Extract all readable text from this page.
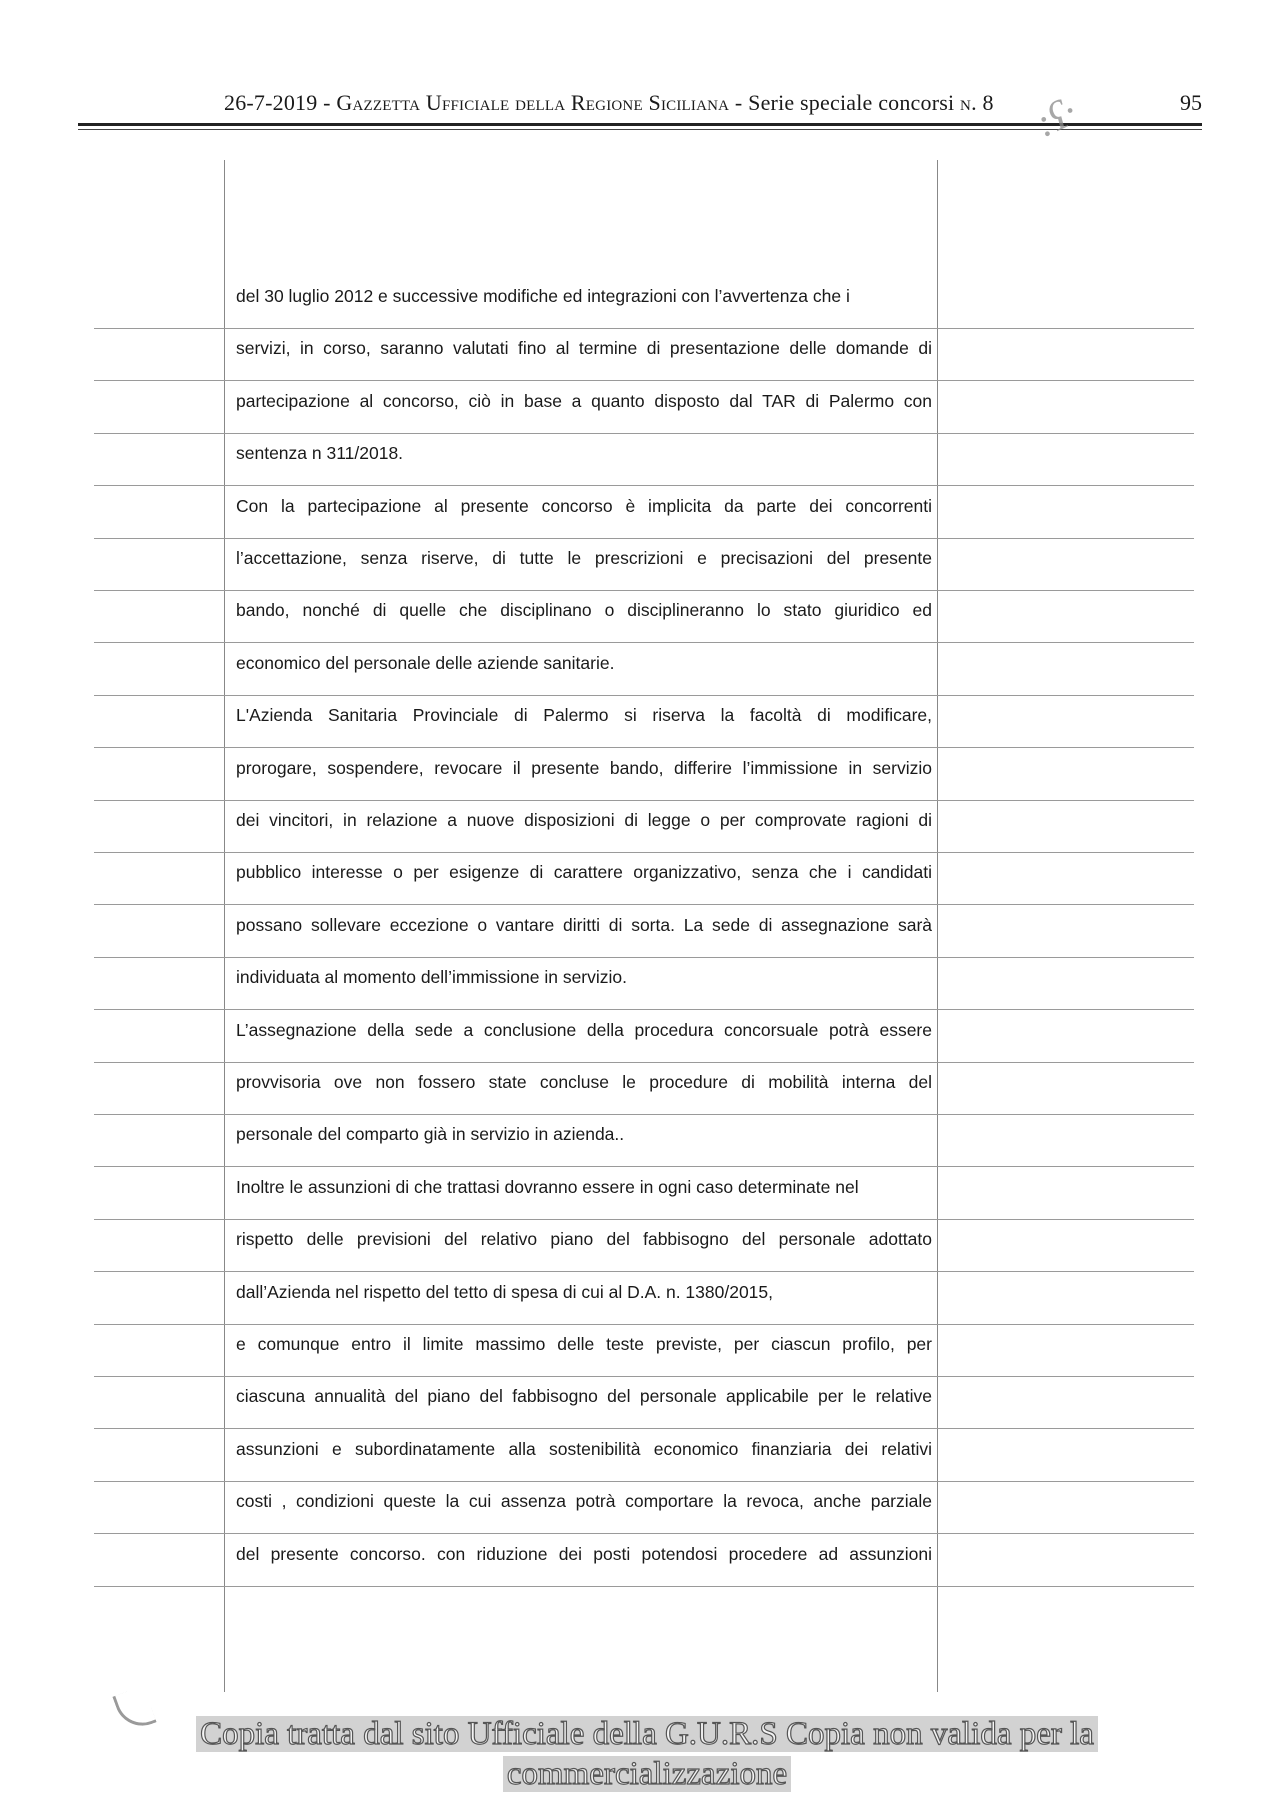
26-7-2019 - Gazzetta Ufficiale della Regione Siciliana - Serie speciale concorsi n. 8	95
:ʕ·
del 30 luglio 2012 e successive modifiche ed integrazioni con l’avvertenza che i
servizi, in corso, saranno valutati fino al termine di presentazione delle domande di
partecipazione al concorso, ciò in base a quanto disposto dal TAR di Palermo con
sentenza n 311/2018.
Con la partecipazione al presente concorso è implicita da parte dei concorrenti
l’accettazione, senza riserve, di tutte le prescrizioni e precisazioni del presente
bando, nonché di quelle che disciplinano o disciplineranno lo stato giuridico ed
economico del personale delle aziende sanitarie.
L'Azienda Sanitaria Provinciale di Palermo si riserva la facoltà di modificare,
prorogare, sospendere, revocare il presente bando, differire l’immissione in servizio
dei vincitori, in relazione a nuove disposizioni di legge o per comprovate ragioni di
pubblico interesse o per esigenze di carattere organizzativo, senza che i candidati
possano sollevare eccezione o vantare diritti di sorta. La sede di assegnazione sarà
individuata al momento dell’immissione in servizio.
L’assegnazione della sede a conclusione della procedura concorsuale potrà essere
provvisoria ove non fossero state concluse le procedure di mobilità interna del
personale del comparto già in servizio in azienda..
Inoltre le assunzioni di che trattasi dovranno essere in ogni caso determinate nel
rispetto delle previsioni del relativo piano del fabbisogno del personale adottato
dall’Azienda nel rispetto del tetto di spesa di cui al D.A. n. 1380/2015,
e comunque entro il limite massimo delle teste previste, per ciascun profilo, per
ciascuna annualità del piano del fabbisogno del personale applicabile per le relative
assunzioni e subordinatamente alla sostenibilità economico finanziaria dei relativi
costi , condizioni queste la cui assenza potrà comportare la revoca, anche parziale
del presente concorso. con riduzione dei posti potendosi procedere ad assunzioni
Copia tratta dal sito Ufficiale della G.U.R.S Copia non valida per la
commercializzazione
